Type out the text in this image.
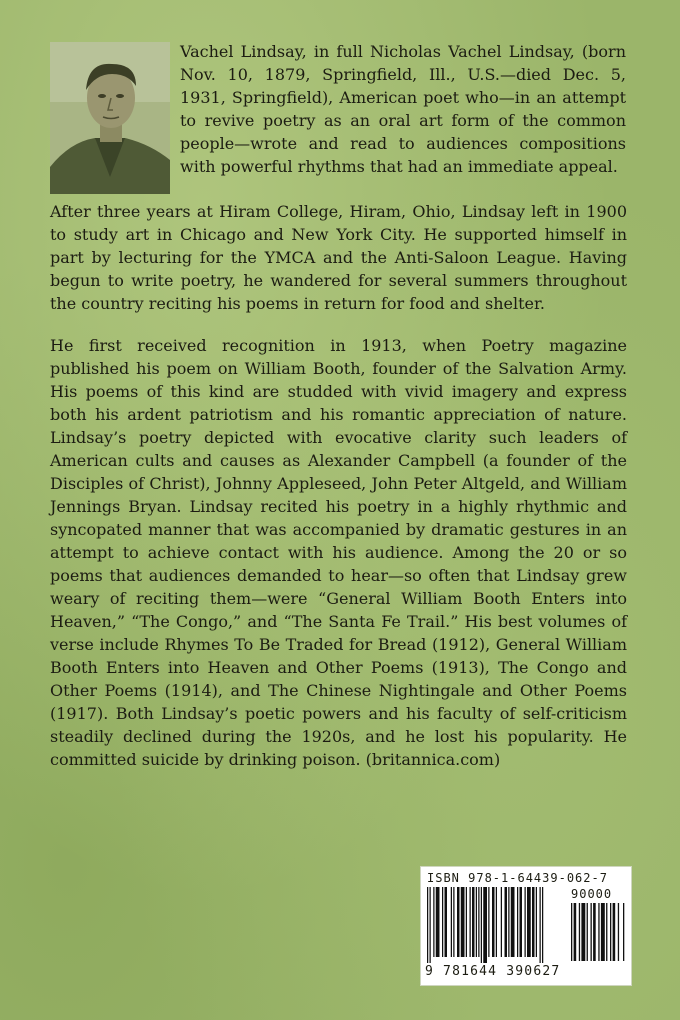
Vachel Lindsay, in full Nicholas Vachel Lindsay, (born Nov. 10, 1879, Springfield, Ill., U.S.—died Dec. 5, 1931, Springfield), American poet who—in an attempt to revive poetry as an oral art form of the common people—wrote and read to audiences compositions with powerful rhythms that had an immediate appeal.

After three years at Hiram College, Hiram, Ohio, Lindsay left in 1900 to study art in Chicago and New York City. He supported himself in part by lecturing for the YMCA and the Anti-Saloon League. Having begun to write poetry, he wandered for several summers throughout the country reciting his poems in return for food and shelter.

He first received recognition in 1913, when Poetry magazine published his poem on William Booth, founder of the Salvation Army. His poems of this kind are studded with vivid imagery and express both his ardent patriotism and his romantic appreciation of nature. Lindsay’s poetry depicted with evocative clarity such leaders of American cults and causes as Alexander Campbell (a founder of the Disciples of Christ), Johnny Appleseed, John Peter Altgeld, and William Jennings Bryan. Lindsay recited his poetry in a highly rhythmic and syncopated manner that was accompanied by dramatic gestures in an attempt to achieve contact with his audience. Among the 20 or so poems that audiences demanded to hear—so often that Lindsay grew weary of reciting them—were “General William Booth Enters into Heaven,” “The Congo,” and “The Santa Fe Trail.” His best volumes of verse include Rhymes To Be Traded for Bread (1912), General William Booth Enters into Heaven and Other Poems (1913), The Congo and Other Poems (1914), and The Chinese Nightingale and Other Poems (1917). Both Lindsay’s poetic powers and his faculty of self-criticism steadily declined during the 1920s, and he lost his popularity. He committed suicide by drinking poison. (britannica.com)

ISBN 978-1-64439-062-7
90000
9 781644 390627
